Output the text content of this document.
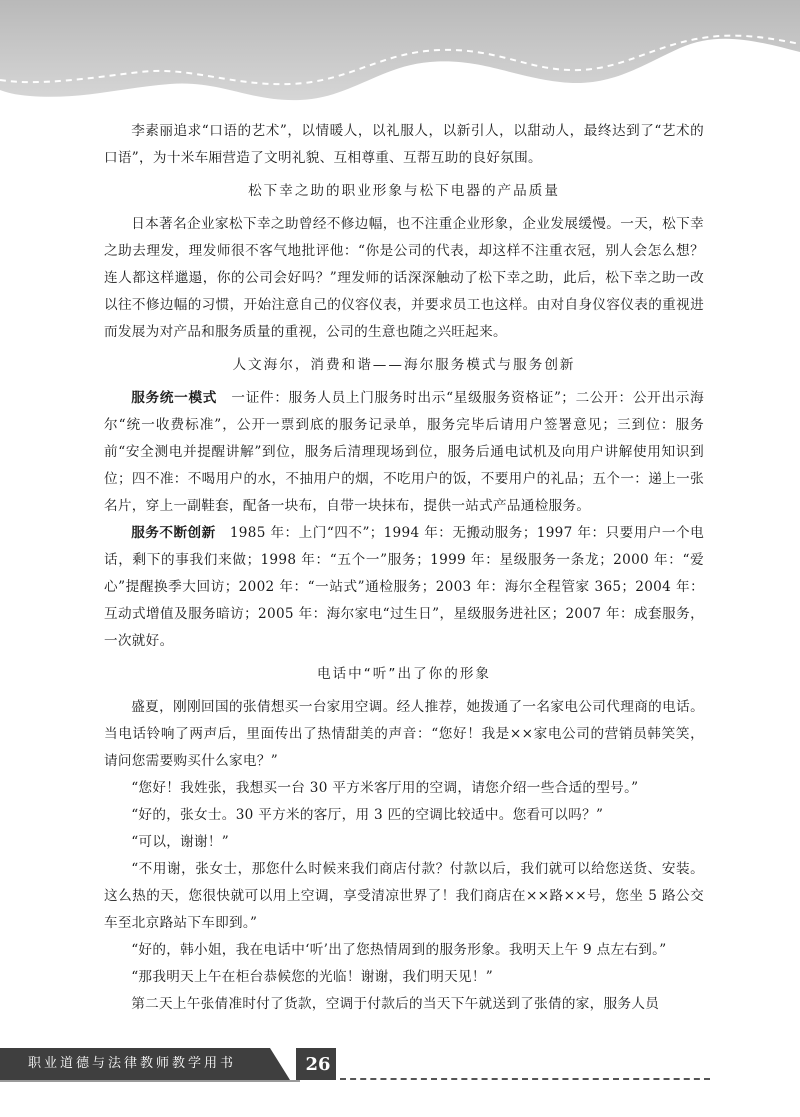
李素丽追求“口语的艺术”，以情暖人，以礼服人，以新引人，以甜动人，最终达到了“艺术的口语”，为十米车厢营造了文明礼貌、互相尊重、互帮互助的良好氛围。

松下幸之助的职业形象与松下电器的产品质量

日本著名企业家松下幸之助曾经不修边幅，也不注重企业形象，企业发展缓慢。一天，松下幸之助去理发，理发师很不客气地批评他：“你是公司的代表，却这样不注重衣冠，别人会怎么想？连人都这样邋遢，你的公司会好吗？”理发师的话深深触动了松下幸之助，此后，松下幸之助一改以往不修边幅的习惯，开始注意自己的仪容仪表，并要求员工也这样。由对自身仪容仪表的重视进而发展为对产品和服务质量的重视，公司的生意也随之兴旺起来。

人文海尔，消费和谐——海尔服务模式与服务创新

服务统一模式　一证件：服务人员上门服务时出示“星级服务资格证”；二公开：公开出示海尔“统一收费标准”，公开一票到底的服务记录单，服务完毕后请用户签署意见；三到位：服务前“安全测电并提醒讲解”到位，服务后清理现场到位，服务后通电试机及向用户讲解使用知识到位；四不准：不喝用户的水，不抽用户的烟，不吃用户的饭，不要用户的礼品；五个一：递上一张名片，穿上一副鞋套，配备一块布，自带一块抹布，提供一站式产品通检服务。

服务不断创新　1985 年：上门“四不”；1994 年：无搬动服务；1997 年：只要用户一个电话，剩下的事我们来做；1998 年：“五个一”服务；1999 年：星级服务一条龙；2000 年：“爱心”提醒换季大回访；2002 年：“一站式”通检服务；2003 年：海尔全程管家 365；2004 年：互动式增值及服务暗访；2005 年：海尔家电“过生日”，星级服务进社区；2007 年：成套服务，一次就好。

电话中“听”出了你的形象

盛夏，刚刚回国的张倩想买一台家用空调。经人推荐，她拨通了一名家电公司代理商的电话。当电话铃响了两声后，里面传出了热情甜美的声音：“您好！我是××家电公司的营销员韩笑笑，请问您需要购买什么家电？”

“您好！我姓张，我想买一台 30 平方米客厅用的空调，请您介绍一些合适的型号。”

“好的，张女士。30 平方米的客厅，用 3 匹的空调比较适中。您看可以吗？”

“可以，谢谢！”

“不用谢，张女士，那您什么时候来我们商店付款？付款以后，我们就可以给您送货、安装。这么热的天，您很快就可以用上空调，享受清凉世界了！我们商店在××路××号，您坐 5 路公交车至北京路站下车即到。”

“好的，韩小姐，我在电话中‘听’出了您热情周到的服务形象。我明天上午 9 点左右到。”

“那我明天上午在柜台恭候您的光临！谢谢，我们明天见！”

第二天上午张倩准时付了货款，空调于付款后的当天下午就送到了张倩的家，服务人员

职业道德与法律教师教学用书	26
